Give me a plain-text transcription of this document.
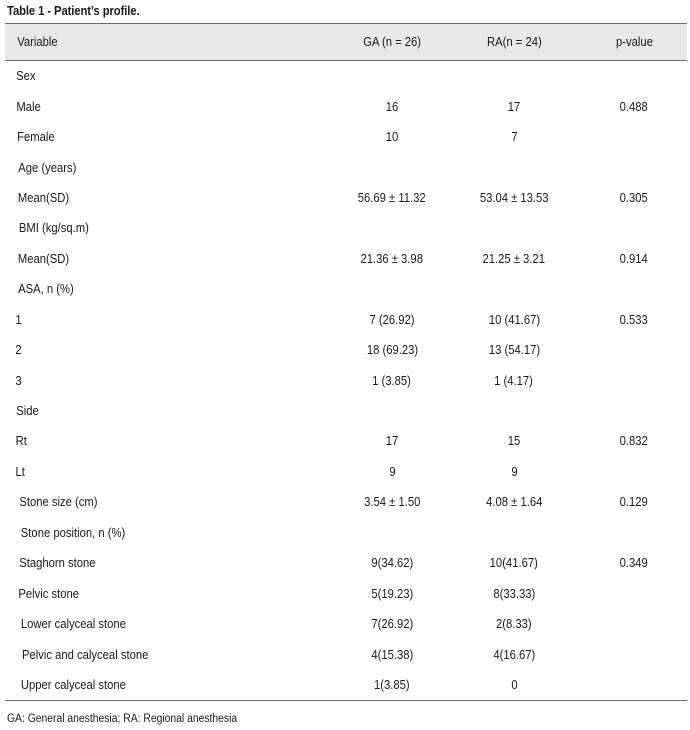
Table 1 - Patient’s profile.
Variable	GA (n = 26)	RA(n = 24)	p-value
Sex
Male	16	17	0.488
Female	10	7
Age (years)
Mean(SD)	56.69 ± 11.32	53.04 ± 13.53	0.305
BMI (kg/sq.m)
Mean(SD)	21.36 ± 3.98	21.25 ± 3.21	0.914
ASA, n (%)
1	7 (26.92)	10 (41.67)	0.533
2	18 (69.23)	13 (54.17)
3	1 (3.85)	1 (4.17)
Side
Rt	17	15	0.832
Lt	9	9
Stone size (cm)	3.54 ± 1.50	4.08 ± 1.64	0.129
Stone position, n (%)
Staghorn stone	9(34.62)	10(41.67)	0.349
Pelvic stone	5(19.23)	8(33.33)
Lower calyceal stone	7(26.92)	2(8.33)
Pelvic and calyceal stone	4(15.38)	4(16.67)
Upper calyceal stone	1(3.85)	0
GA: General anesthesia; RA: Regional anesthesia
